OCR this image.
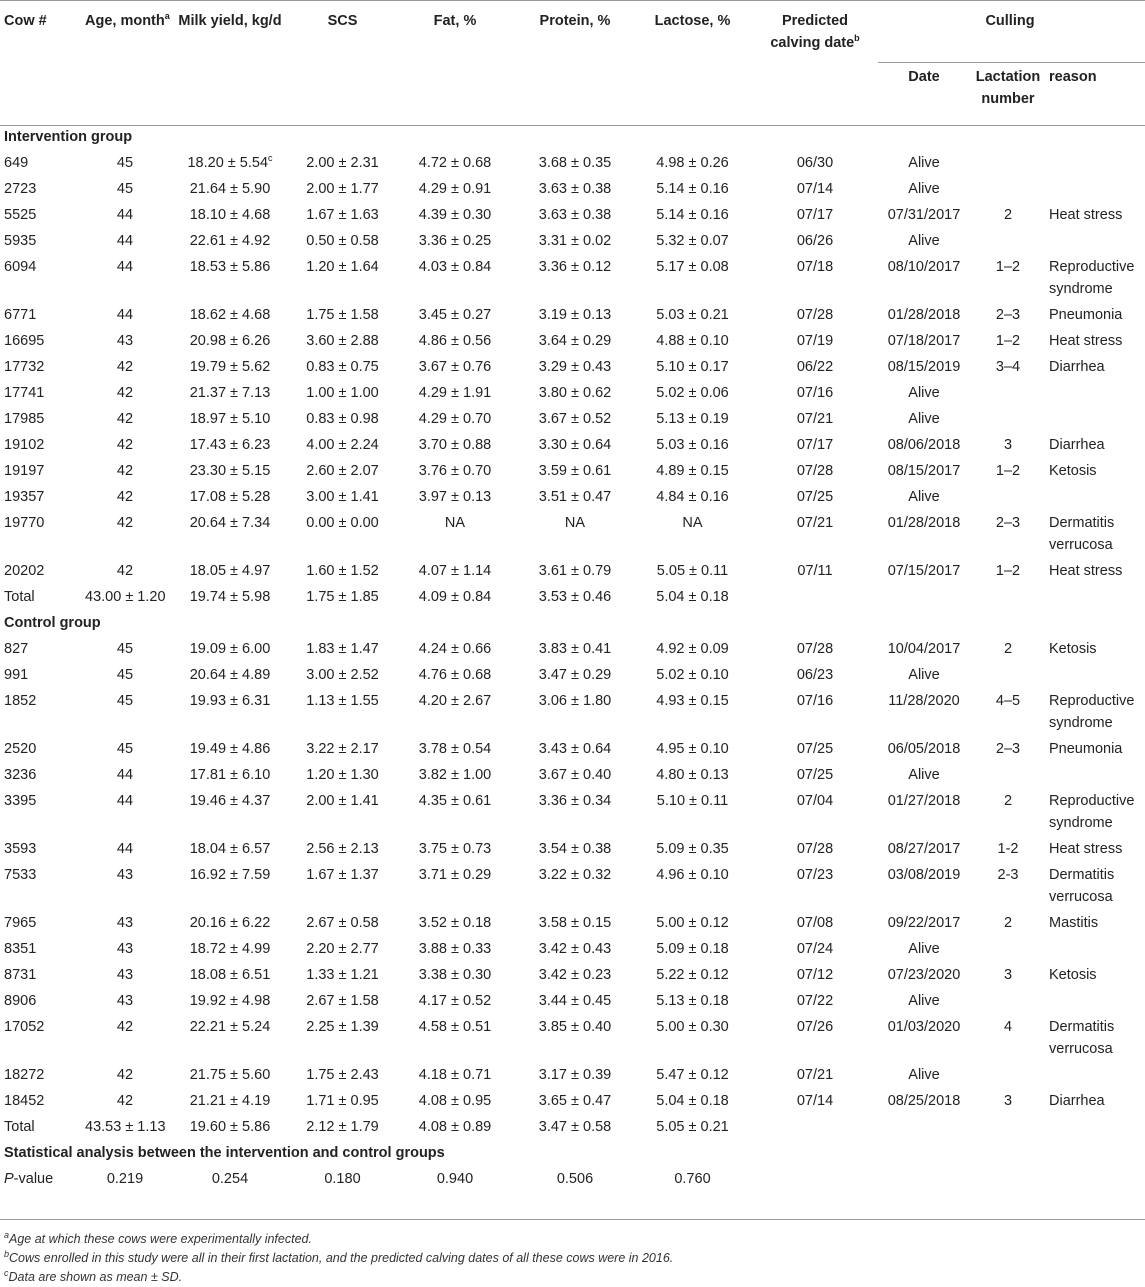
Cow #	Age, month$^a$	Milk yield, kg/d	SCS	Fat, %	Protein, %	Lactose, %	Predicted calving date$^b$	Culling		
								Date	Lactation number	reason
Intervention group										
649	45	18.20 ± 5.54$^c$	2.00 ± 2.31	4.72 ± 0.68	3.68 ± 0.35	4.98 ± 0.26	06/30	Alive		
2723	45	21.64 ± 5.90	2.00 ± 1.77	4.29 ± 0.91	3.63 ± 0.38	5.14 ± 0.16	07/14	Alive		
5525	44	18.10 ± 4.68	1.67 ± 1.63	4.39 ± 0.30	3.63 ± 0.38	5.14 ± 0.16	07/17	07/31/2017	2	Heat stress
5935	44	22.61 ± 4.92	0.50 ± 0.58	3.36 ± 0.25	3.31 ± 0.02	5.32 ± 0.07	06/26	Alive		
6094	44	18.53 ± 5.86	1.20 ± 1.64	4.03 ± 0.84	3.36 ± 0.12	5.17 ± 0.08	07/18	08/10/2017	1–2	Reproductive syndrome
6771	44	18.62 ± 4.68	1.75 ± 1.58	3.45 ± 0.27	3.19 ± 0.13	5.03 ± 0.21	07/28	01/28/2018	2–3	Pneumonia
16695	43	20.98 ± 6.26	3.60 ± 2.88	4.86 ± 0.56	3.64 ± 0.29	4.88 ± 0.10	07/19	07/18/2017	1–2	Heat stress
17732	42	19.79 ± 5.62	0.83 ± 0.75	3.67 ± 0.76	3.29 ± 0.43	5.10 ± 0.17	06/22	08/15/2019	3–4	Diarrhea
17741	42	21.37 ± 7.13	1.00 ± 1.00	4.29 ± 1.91	3.80 ± 0.62	5.02 ± 0.06	07/16	Alive		
17985	42	18.97 ± 5.10	0.83 ± 0.98	4.29 ± 0.70	3.67 ± 0.52	5.13 ± 0.19	07/21	Alive		
19102	42	17.43 ± 6.23	4.00 ± 2.24	3.70 ± 0.88	3.30 ± 0.64	5.03 ± 0.16	07/17	08/06/2018	3	Diarrhea
19197	42	23.30 ± 5.15	2.60 ± 2.07	3.76 ± 0.70	3.59 ± 0.61	4.89 ± 0.15	07/28	08/15/2017	1–2	Ketosis
19357	42	17.08 ± 5.28	3.00 ± 1.41	3.97 ± 0.13	3.51 ± 0.47	4.84 ± 0.16	07/25	Alive		
19770	42	20.64 ± 7.34	0.00 ± 0.00	NA	NA	NA	07/21	01/28/2018	2–3	Dermatitis verrucosa
20202	42	18.05 ± 4.97	1.60 ± 1.52	4.07 ± 1.14	3.61 ± 0.79	5.05 ± 0.11	07/11	07/15/2017	1–2	Heat stress
Total	43.00 ± 1.20	19.74 ± 5.98	1.75 ± 1.85	4.09 ± 0.84	3.53 ± 0.46	5.04 ± 0.18				
Control group										
827	45	19.09 ± 6.00	1.83 ± 1.47	4.24 ± 0.66	3.83 ± 0.41	4.92 ± 0.09	07/28	10/04/2017	2	Ketosis
991	45	20.64 ± 4.89	3.00 ± 2.52	4.76 ± 0.68	3.47 ± 0.29	5.02 ± 0.10	06/23	Alive		
1852	45	19.93 ± 6.31	1.13 ± 1.55	4.20 ± 2.67	3.06 ± 1.80	4.93 ± 0.15	07/16	11/28/2020	4–5	Reproductive syndrome
2520	45	19.49 ± 4.86	3.22 ± 2.17	3.78 ± 0.54	3.43 ± 0.64	4.95 ± 0.10	07/25	06/05/2018	2–3	Pneumonia
3236	44	17.81 ± 6.10	1.20 ± 1.30	3.82 ± 1.00	3.67 ± 0.40	4.80 ± 0.13	07/25	Alive		
3395	44	19.46 ± 4.37	2.00 ± 1.41	4.35 ± 0.61	3.36 ± 0.34	5.10 ± 0.11	07/04	01/27/2018	2	Reproductive syndrome
3593	44	18.04 ± 6.57	2.56 ± 2.13	3.75 ± 0.73	3.54 ± 0.38	5.09 ± 0.35	07/28	08/27/2017	1-2	Heat stress
7533	43	16.92 ± 7.59	1.67 ± 1.37	3.71 ± 0.29	3.22 ± 0.32	4.96 ± 0.10	07/23	03/08/2019	2-3	Dermatitis verrucosa
7965	43	20.16 ± 6.22	2.67 ± 0.58	3.52 ± 0.18	3.58 ± 0.15	5.00 ± 0.12	07/08	09/22/2017	2	Mastitis
8351	43	18.72 ± 4.99	2.20 ± 2.77	3.88 ± 0.33	3.42 ± 0.43	5.09 ± 0.18	07/24	Alive		
8731	43	18.08 ± 6.51	1.33 ± 1.21	3.38 ± 0.30	3.42 ± 0.23	5.22 ± 0.12	07/12	07/23/2020	3	Ketosis
8906	43	19.92 ± 4.98	2.67 ± 1.58	4.17 ± 0.52	3.44 ± 0.45	5.13 ± 0.18	07/22	Alive		
17052	42	22.21 ± 5.24	2.25 ± 1.39	4.58 ± 0.51	3.85 ± 0.40	5.00 ± 0.30	07/26	01/03/2020	4	Dermatitis verrucosa
18272	42	21.75 ± 5.60	1.75 ± 2.43	4.18 ± 0.71	3.17 ± 0.39	5.47 ± 0.12	07/21	Alive		
18452	42	21.21 ± 4.19	1.71 ± 0.95	4.08 ± 0.95	3.65 ± 0.47	5.04 ± 0.18	07/14	08/25/2018	3	Diarrhea
Total	43.53 ± 1.13	19.60 ± 5.86	2.12 ± 1.79	4.08 ± 0.89	3.47 ± 0.58	5.05 ± 0.21				
Statistical analysis between the intervention and control groups										
P-value	0.219	0.254	0.180	0.940	0.506	0.760				
$^a$Age at which these cows were experimentally infected.
$^b$Cows enrolled in this study were all in their first lactation, and the predicted calving dates of all these cows were in 2016.
$^c$Data are shown as mean ± SD.
